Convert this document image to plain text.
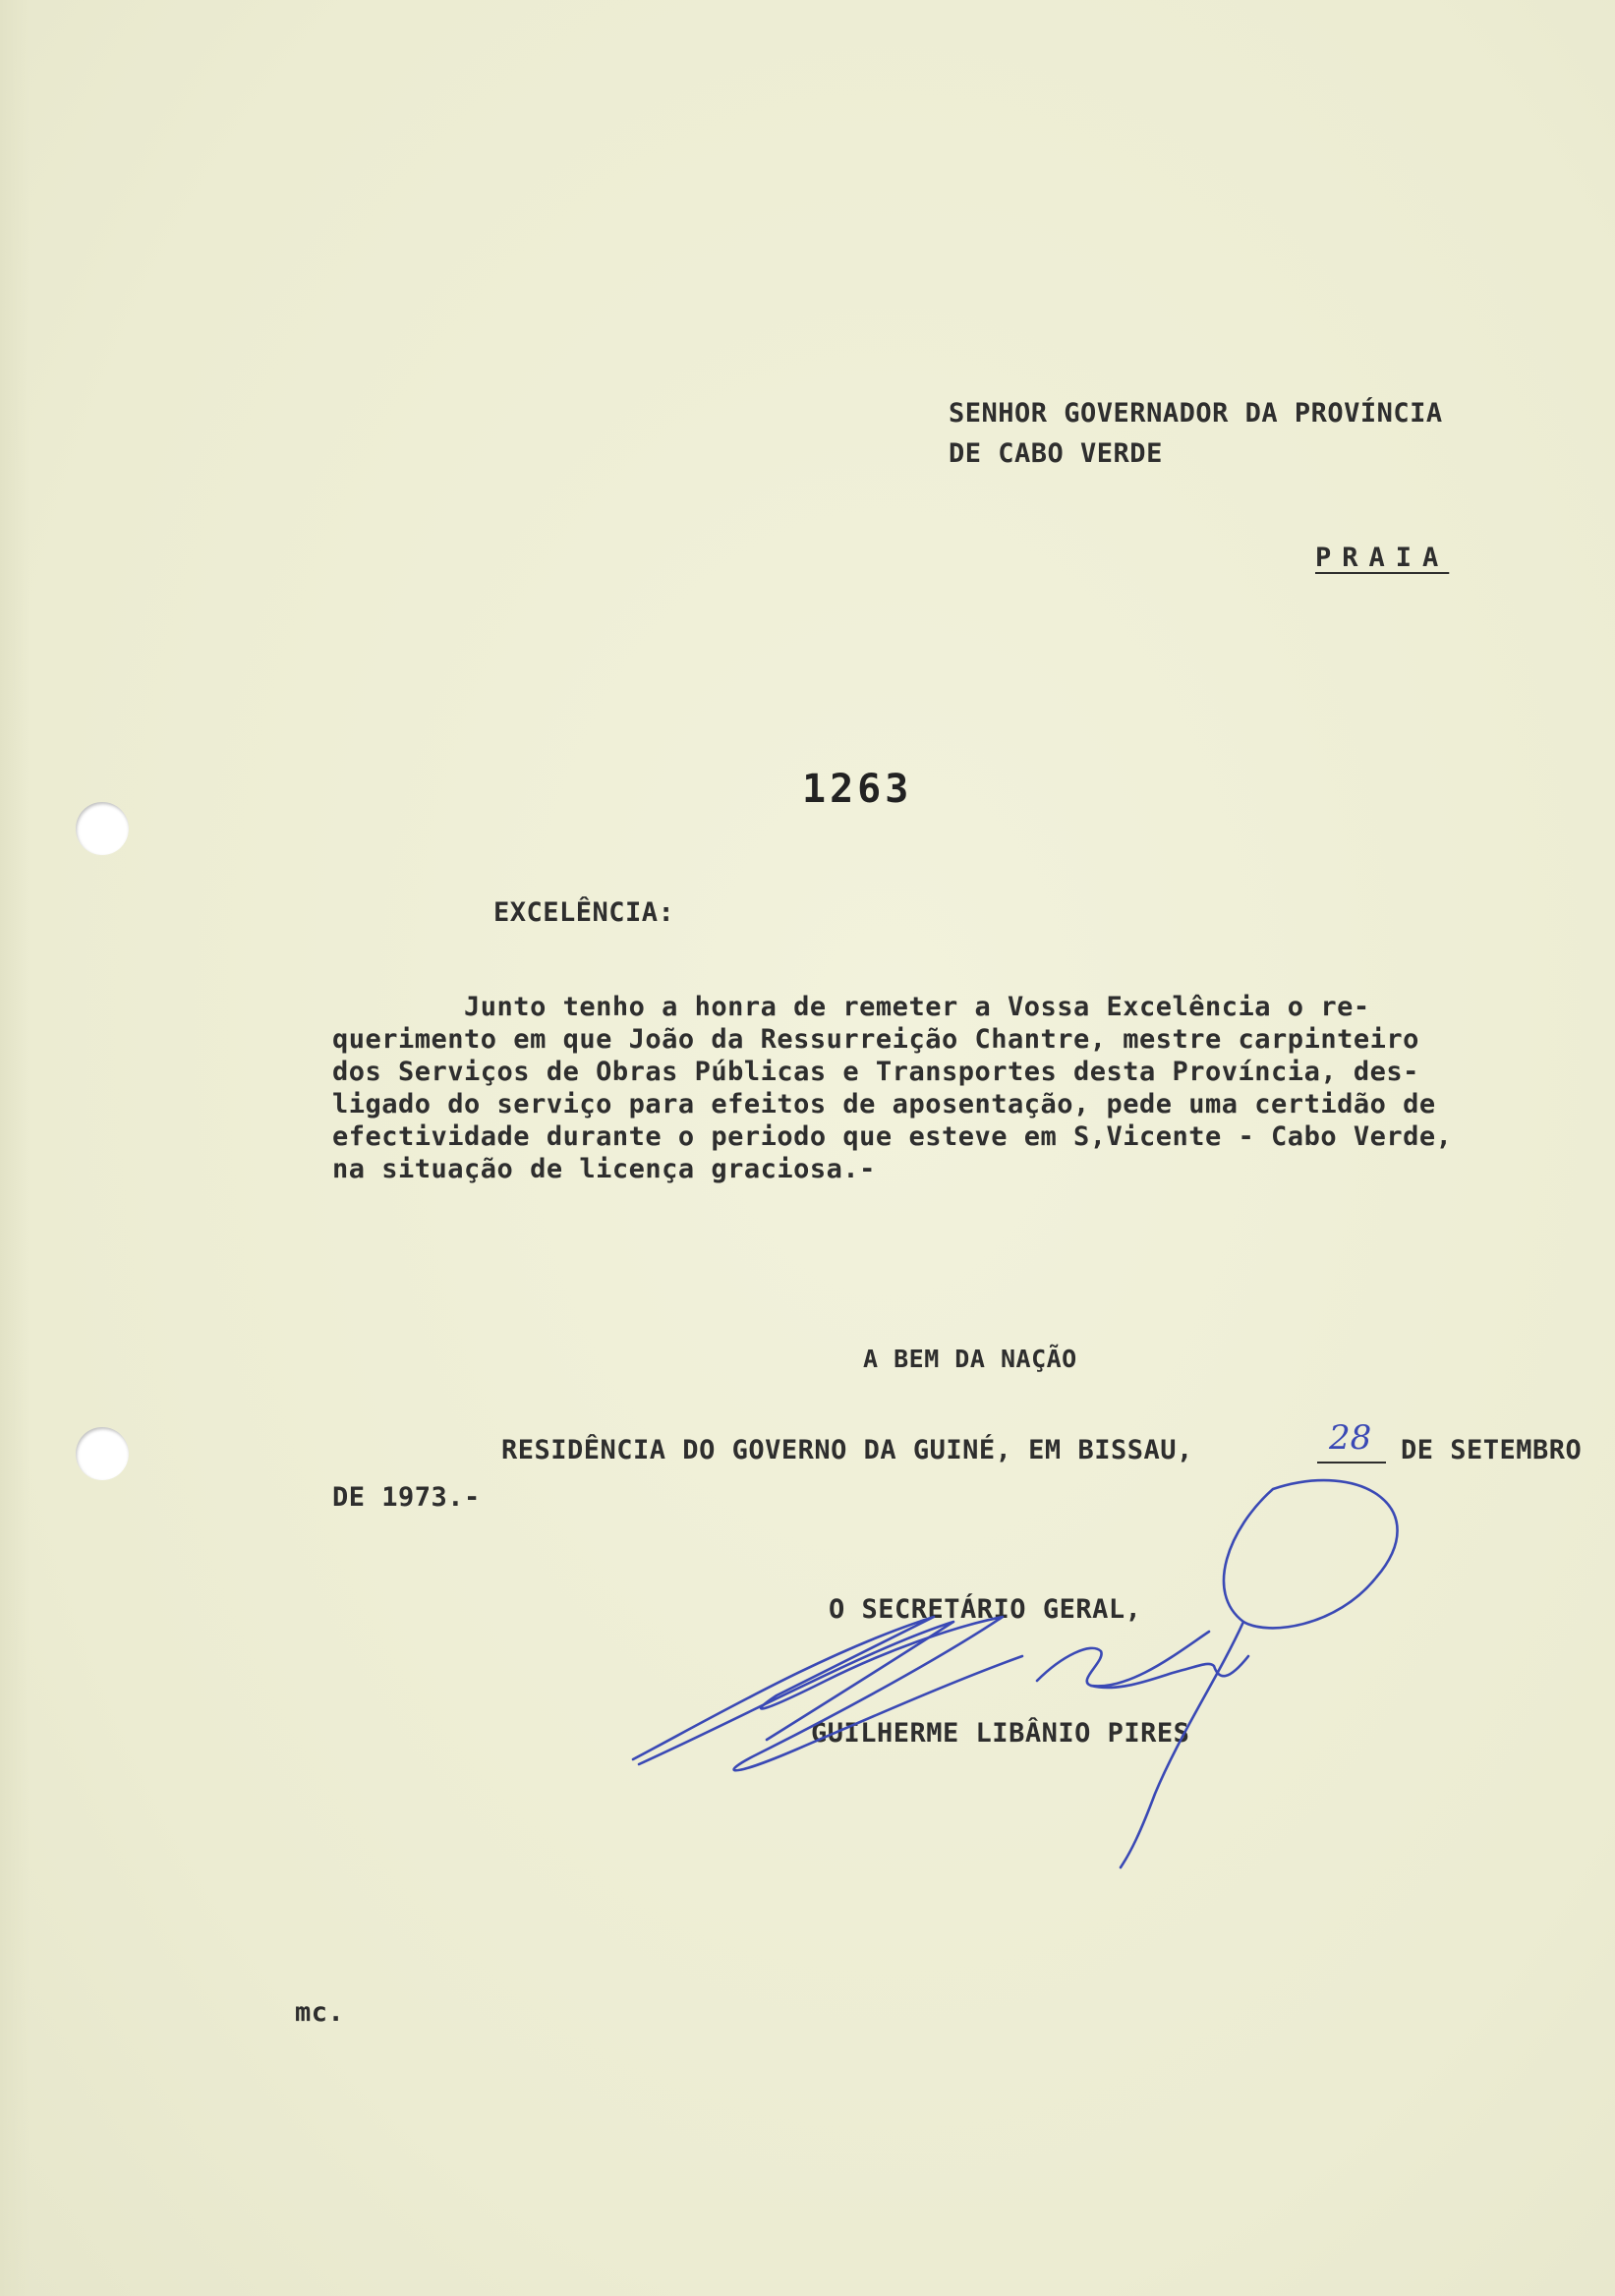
SENHOR GOVERNADOR DA PROVÍNCIA
DE CABO VERDE
PRAIA
1263
EXCELÊNCIA:
Junto tenho a honra de remeter a Vossa Excelência o re-
querimento em que João da Ressurreição Chantre, mestre carpinteiro
dos Serviços de Obras Públicas e Transportes desta Província, des-
ligado do serviço para efeitos de aposentação, pede uma certidão de
efectividade durante o periodo que esteve em S,Vicente - Cabo Verde,
na situação de licença graciosa.-
A BEM DA NAÇÃO
RESIDÊNCIA DO GOVERNO DA GUINÉ, EM BISSAU,	28 DE SETEMBRO
DE 1973.-
O SECRETÁRIO GERAL,
GUILHERME LIBÂNIO PIRES
mc.
